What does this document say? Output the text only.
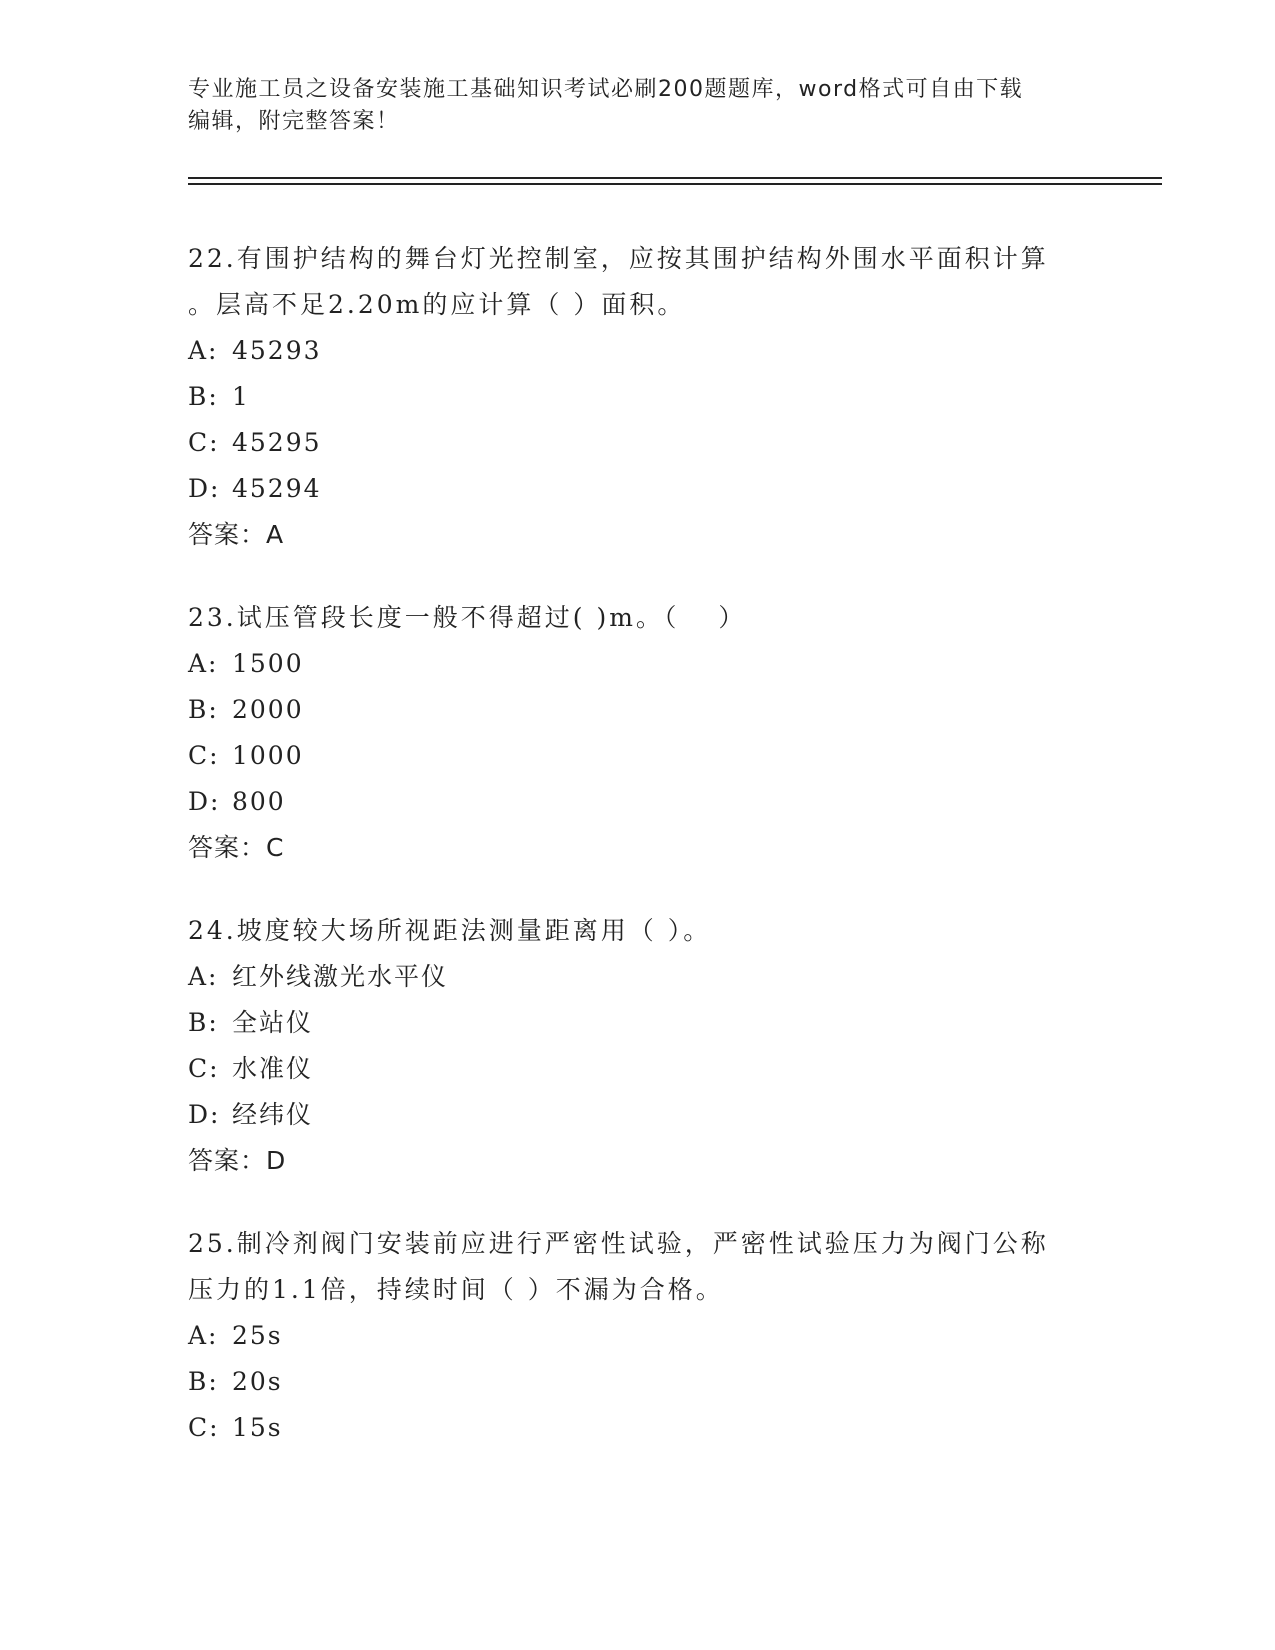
专业施工员之设备安装施工基础知识考试必刷200题题库，word格式可自由下载
编辑，附完整答案！

22.有围护结构的舞台灯光控制室，应按其围护结构外围水平面积计算

。层高不足2.20m的应计算（ ）面积。

A: 45293

B: 1

C: 45295

D: 45294

答案：A

23.试压管段长度一般不得超过( )m。（　 ）

A: 1500

B: 2000

C: 1000

D: 800

答案：C

24.坡度较大场所视距法测量距离用（ ）。

A: 红外线激光水平仪

B: 全站仪

C: 水准仪

D: 经纬仪

答案：D

25.制冷剂阀门安装前应进行严密性试验，严密性试验压力为阀门公称

压力的1.1倍，持续时间（ ）不漏为合格。

A: 25s

B: 20s

C: 15s
